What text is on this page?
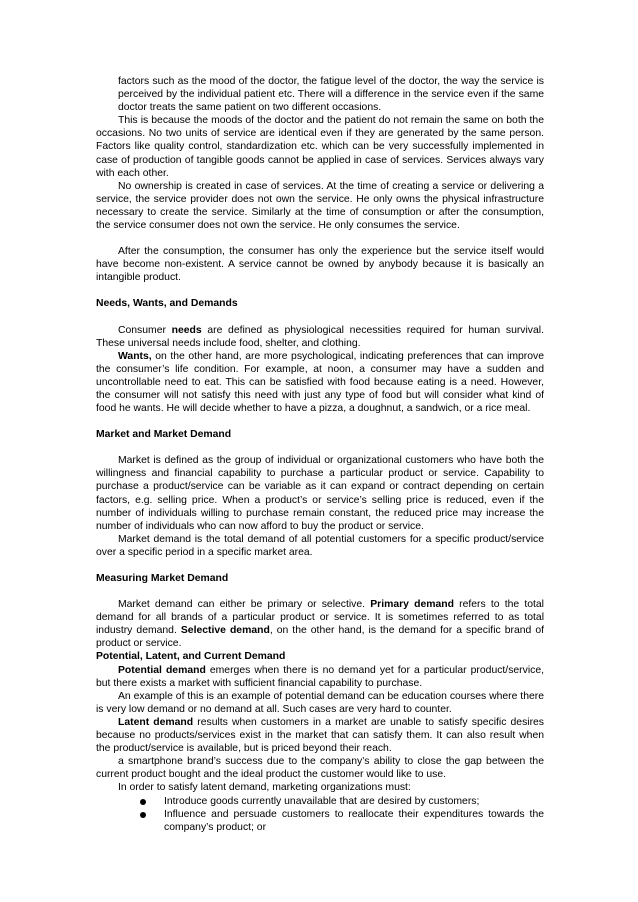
factors such as the mood of the doctor, the fatigue level of the doctor, the way the service is perceived by the individual patient etc. There will a difference in the service even if the same doctor treats the same patient on two different occasions.

This is because the moods of the doctor and the patient do not remain the same on both the occasions. No two units of service are identical even if they are generated by the same person. Factors like quality control, standardization etc. which can be very successfully implemented in case of production of tangible goods cannot be applied in case of services. Services always vary with each other.

No ownership is created in case of services. At the time of creating a service or delivering a service, the service provider does not own the service. He only owns the physical infrastructure necessary to create the service. Similarly at the time of consumption or after the consumption, the service consumer does not own the service. He only consumes the service.

After the consumption, the consumer has only the experience but the service itself would have become non-existent. A service cannot be owned by anybody because it is basically an intangible product.

Needs, Wants, and Demands

Consumer needs are defined as physiological necessities required for human survival. These universal needs include food, shelter, and clothing.

Wants, on the other hand, are more psychological, indicating preferences that can improve the consumer’s life condition. For example, at noon, a consumer may have a sudden and uncontrollable need to eat. This can be satisfied with food because eating is a need. However, the consumer will not satisfy this need with just any type of food but will consider what kind of food he wants. He will decide whether to have a pizza, a doughnut, a sandwich, or a rice meal.

Market and Market Demand

Market is defined as the group of individual or organizational customers who have both the willingness and financial capability to purchase a particular product or service. Capability to purchase a product/service can be variable as it can expand or contract depending on certain factors, e.g. selling price. When a product’s or service’s selling price is reduced, even if the number of individuals willing to purchase remain constant, the reduced price may increase the number of individuals who can now afford to buy the product or service.

Market demand is the total demand of all potential customers for a specific product/service over a specific period in a specific market area.

Measuring Market Demand

Market demand can either be primary or selective. Primary demand refers to the total demand for all brands of a particular product or service. It is sometimes referred to as total industry demand. Selective demand, on the other hand, is the demand for a specific brand of product or service.

Potential, Latent, and Current Demand

Potential demand emerges when there is no demand yet for a particular product/service, but there exists a market with sufficient financial capability to purchase.

An example of this is an example of potential demand can be education courses where there is very low demand or no demand at all. Such cases are very hard to counter.

Latent demand results when customers in a market are unable to satisfy specific desires because no products/services exist in the market that can satisfy them. It can also result when the product/service is available, but is priced beyond their reach.

a smartphone brand’s success due to the company’s ability to close the gap between the current product bought and the ideal product the customer would like to use.

In order to satisfy latent demand, marketing organizations must:

Introduce goods currently unavailable that are desired by customers;
Influence and persuade customers to reallocate their expenditures towards the company’s product; or
